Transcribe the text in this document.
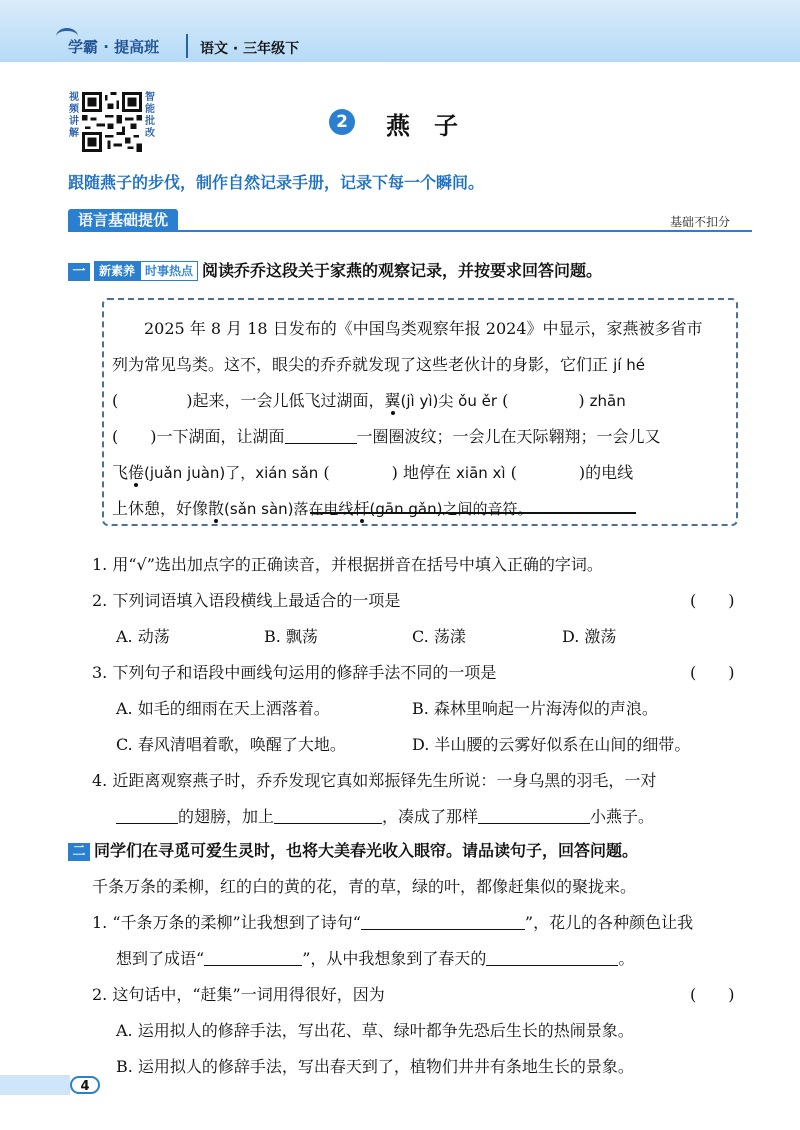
学霸 · 提高班	语文 · 三年级下
视频讲解
智能批改
2 燕子
跟随燕子的步伐，制作自然记录手册，记录下每一个瞬间。
语言基础提优	基础不扣分
一 新素养 时事热点 阅读乔乔这段关于家燕的观察记录，并按要求回答问题。
2025 年 8 月 18 日发布的《中国鸟类观察年报 2024》中显示，家燕被多省市
列为常见鸟类。这不，眼尖的乔乔就发现了这些老伙计的身影，它们正 jí hé
(	)起来，一会儿低飞过湖面，翼(jì yì)尖 ǒu ěr (	) zhān
( )一下湖面，让湖面	一圈圈波纹；一会儿在天际翱翔；一会儿又
飞倦(juǎn juàn)了，xián sǎn (	) 地停在 xiān xì (	)的电线
上休憩，好像散(sǎn sàn)落在电线杆(gān gǎn)之间的音符。
1. 用“√”选出加点字的正确读音，并根据拼音在括号中填入正确的字词。
2. 下列词语填入语段横线上最适合的一项是	(　　)
A. 动荡	B. 飘荡	C. 荡漾	D. 激荡
3. 下列句子和语段中画线句运用的修辞手法不同的一项是	(　　)
A. 如毛的细雨在天上洒落着。	B. 森林里响起一片海涛似的声浪。
C. 春风清唱着歌，唤醒了大地。	D. 半山腰的云雾好似系在山间的细带。
4. 近距离观察燕子时，乔乔发现它真如郑振铎先生所说：一身乌黑的羽毛，一对
的翅膀，加上	，凑成了那样	小燕子。
二 同学们在寻觅可爱生灵时，也将大美春光收入眼帘。请品读句子，回答问题。
千条万条的柔柳，红的白的黄的花，青的草，绿的叶，都像赶集似的聚拢来。
1. “千条万条的柔柳”让我想到了诗句“	”，花儿的各种颜色让我
想到了成语“	”，从中我想象到了春天的	。
2. 这句话中，“赶集”一词用得很好，因为	(　　)
A. 运用拟人的修辞手法，写出花、草、绿叶都争先恐后生长的热闹景象。
B. 运用拟人的修辞手法，写出春天到了，植物们井井有条地生长的景象。
4
